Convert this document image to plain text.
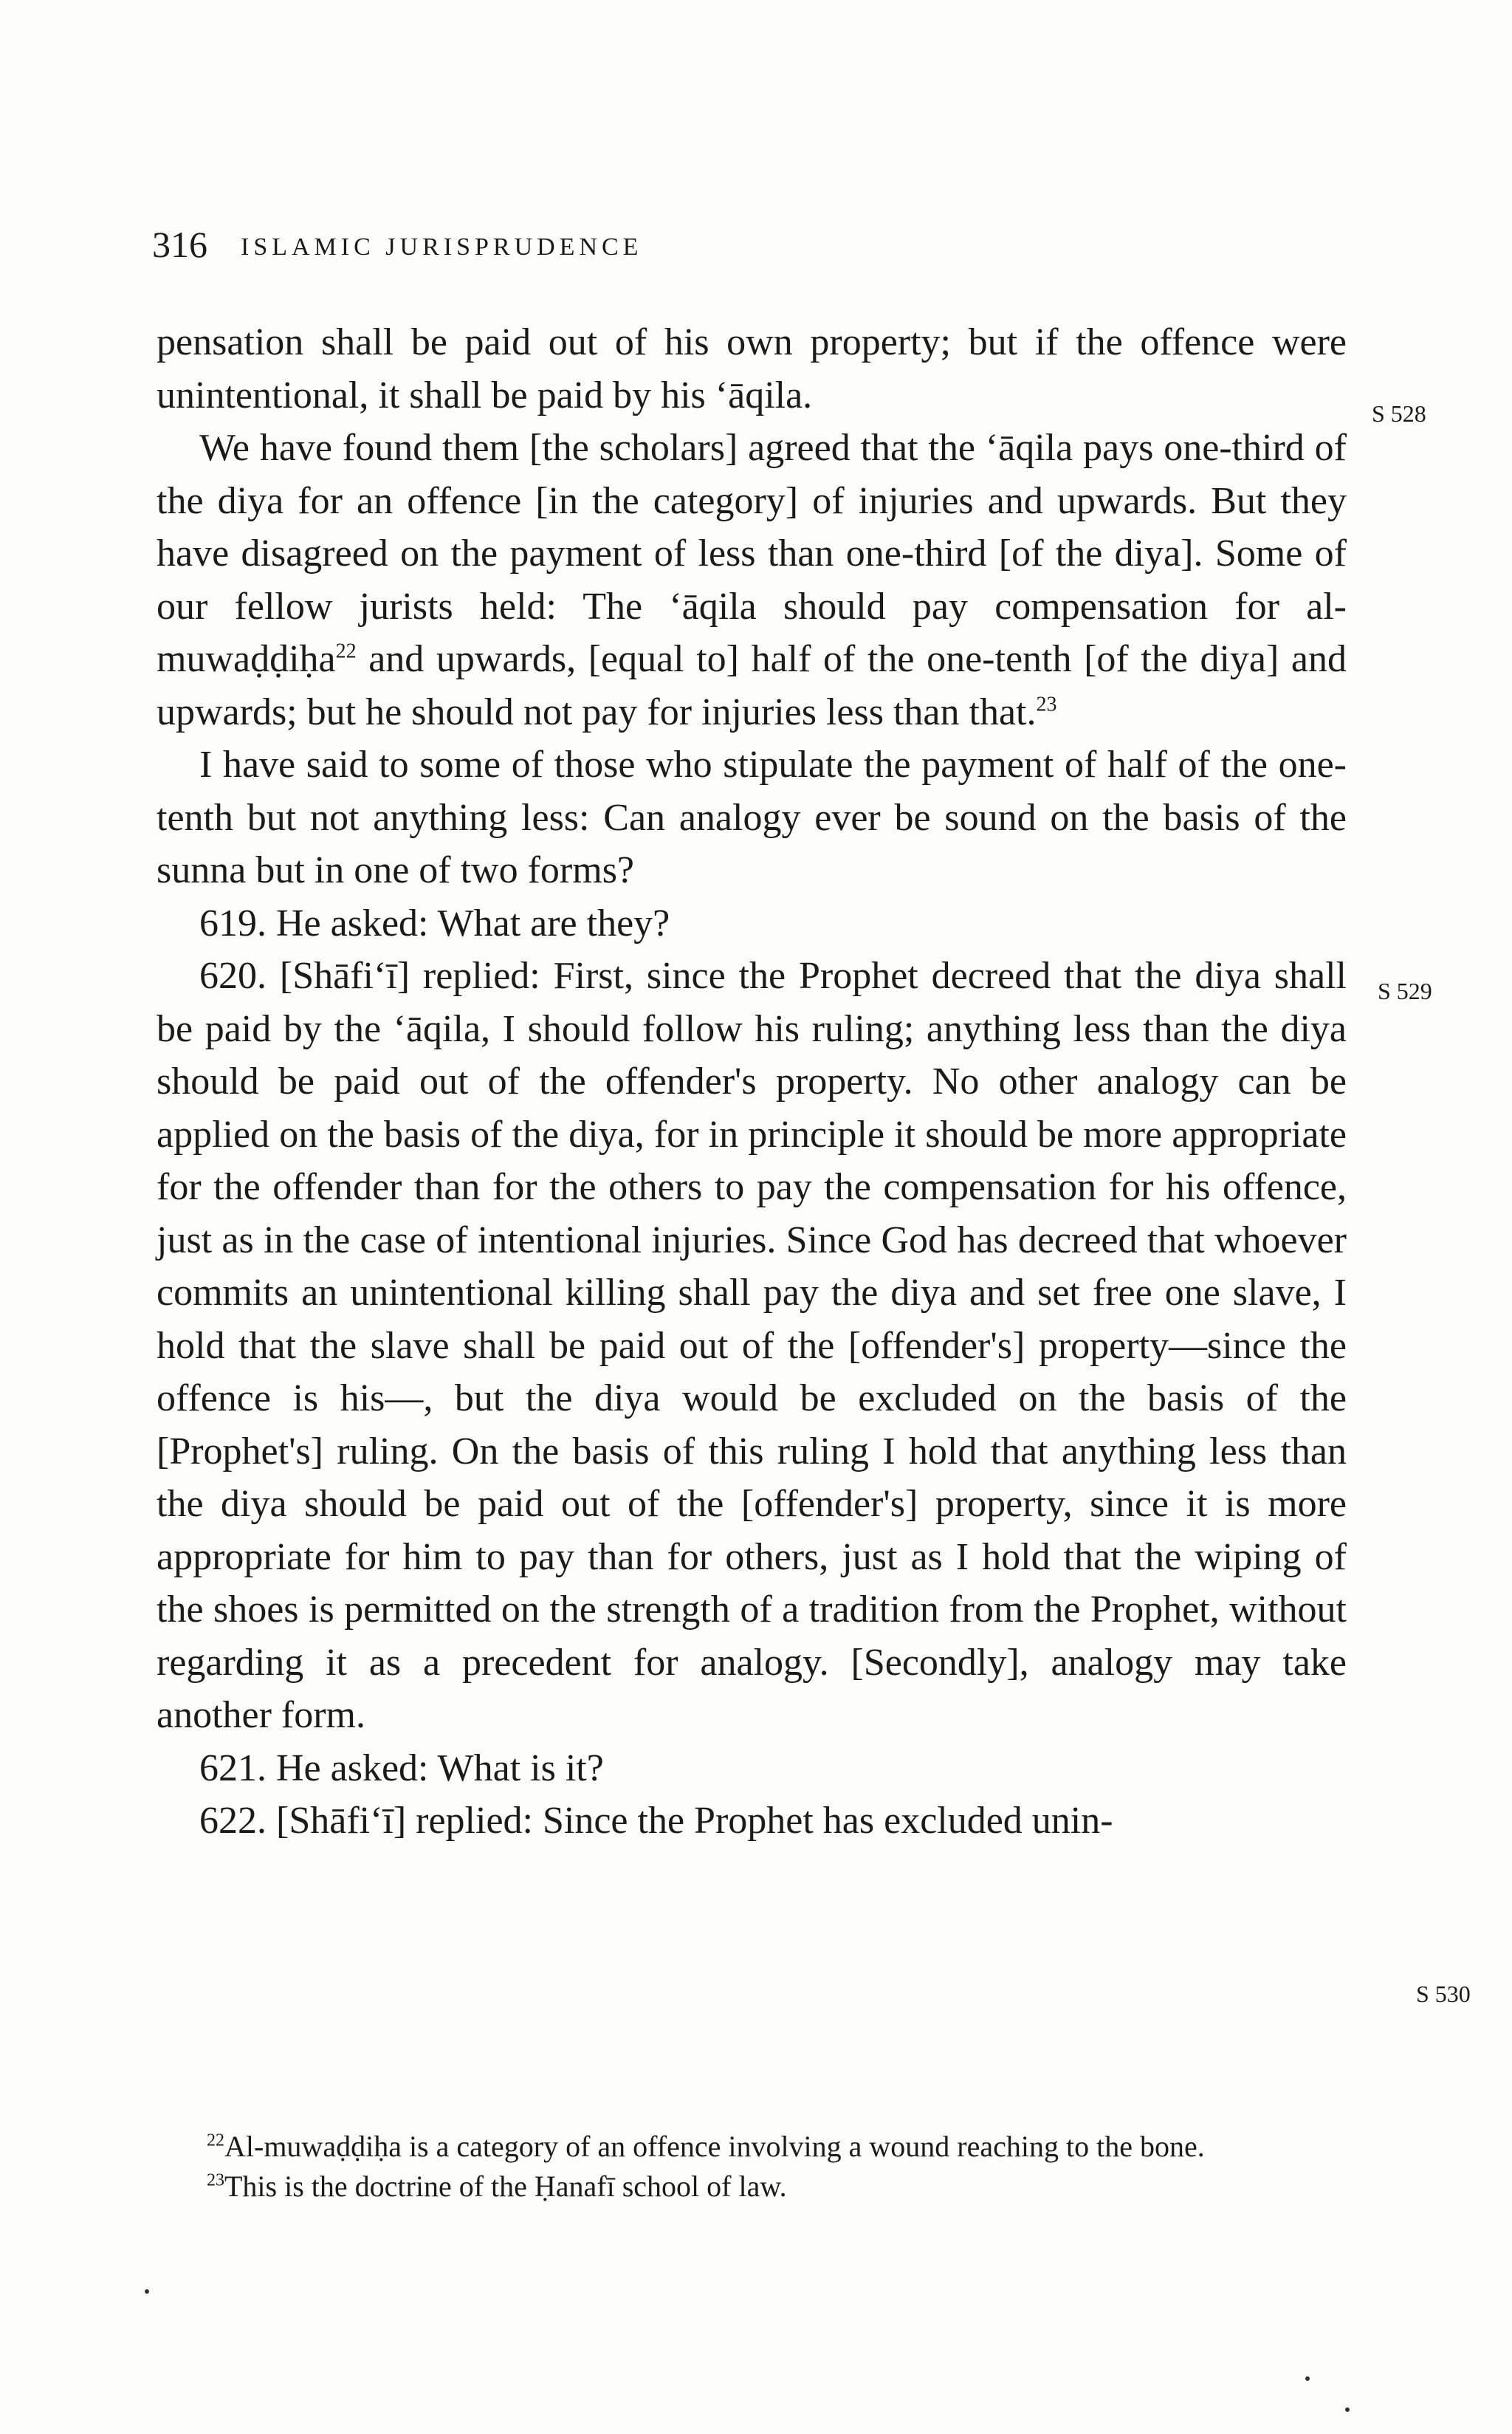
316 ISLAMIC JURISPRUDENCE

pensation shall be paid out of his own property; but if the offence were unintentional, it shall be paid by his ‘āqila.

We have found them [the scholars] agreed that the ‘āqila pays one-third of the diya for an offence [in the category] of injuries and upwards. But they have disagreed on the payment of less than one-third [of the diya]. Some of our fellow jurists held: The ‘āqila should pay compensation for al-muwaḍḍiḥa$^{22}$ and upwards, [equal to] half of the one-tenth [of the diya] and upwards; but he should not pay for injuries less than that.$^{23}$

I have said to some of those who stipulate the payment of half of the one-tenth but not anything less: Can analogy ever be sound on the basis of the sunna but in one of two forms?

619. He asked: What are they?

620. [Shāfi‘ī] replied: First, since the Prophet decreed that the diya shall be paid by the ‘āqila, I should follow his ruling; anything less than the diya should be paid out of the offender's property. No other analogy can be applied on the basis of the diya, for in principle it should be more appropriate for the offender than for the others to pay the compensation for his offence, just as in the case of intentional injuries. Since God has decreed that whoever commits an unintentional killing shall pay the diya and set free one slave, I hold that the slave shall be paid out of the [offender's] property—since the offence is his—, but the diya would be excluded on the basis of the [Prophet's] ruling. On the basis of this ruling I hold that anything less than the diya should be paid out of the [offender's] property, since it is more appropriate for him to pay than for others, just as I hold that the wiping of the shoes is permitted on the strength of a tradition from the Prophet, without regarding it as a precedent for analogy. [Secondly], analogy may take another form.

621. He asked: What is it?

622. [Shāfi‘ī] replied: Since the Prophet has excluded unin-

S 528
S 529
S 530

$^{22}$Al-muwaḍḍiḥa is a category of an offence involving a wound reaching to the bone.

$^{23}$This is the doctrine of the Ḥanafī school of law.
